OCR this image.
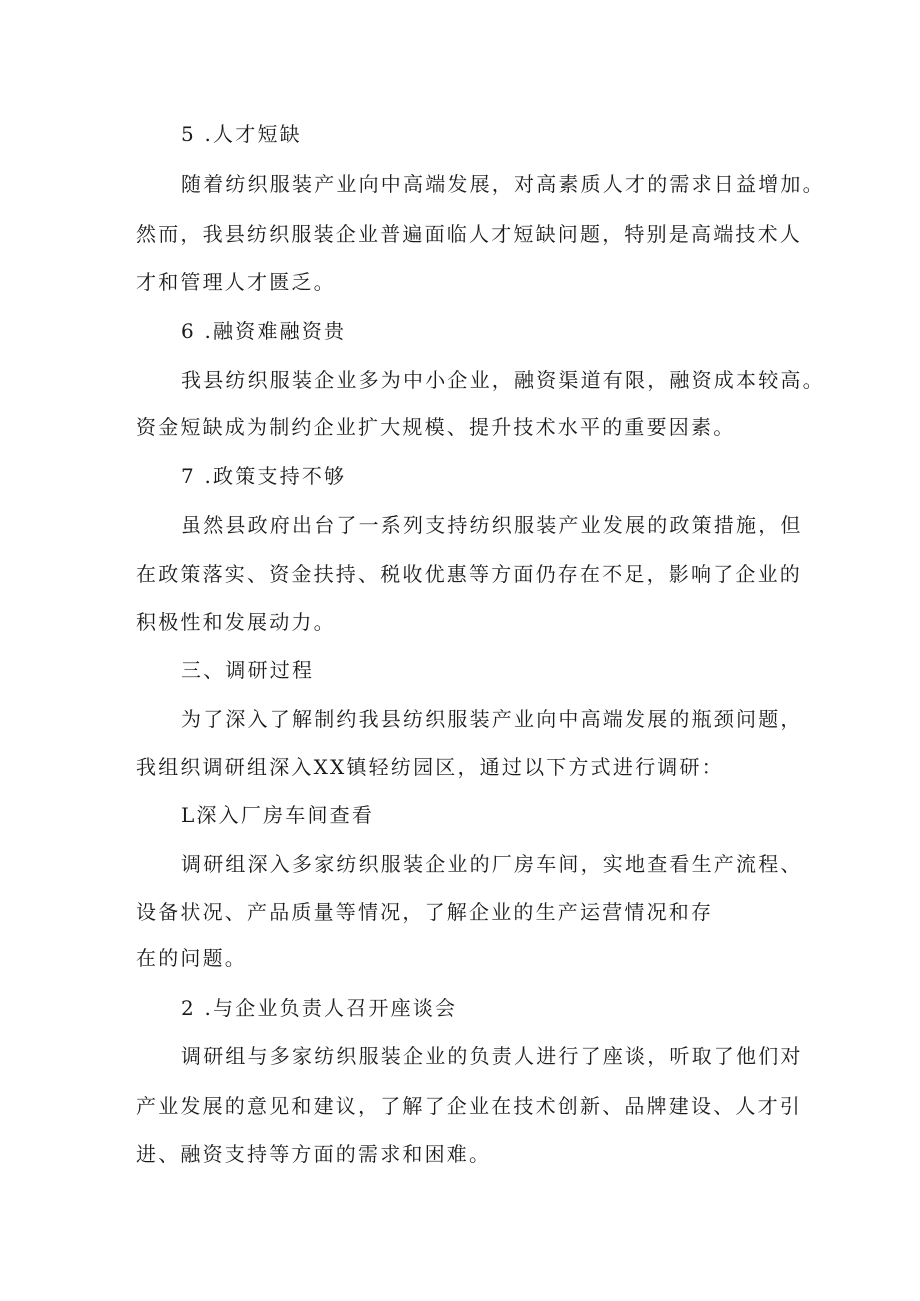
5 .人才短缺
随着纺织服装产业向中高端发展，对高素质人才的需求日益增加。
然而，我县纺织服装企业普遍面临人才短缺问题，特别是高端技术人
才和管理人才匮乏。
6 .融资难融资贵
我县纺织服装企业多为中小企业，融资渠道有限，融资成本较高。
资金短缺成为制约企业扩大规模、提升技术水平的重要因素。
7 .政策支持不够
虽然县政府出台了一系列支持纺织服装产业发展的政策措施，但
在政策落实、资金扶持、税收优惠等方面仍存在不足，影响了企业的
积极性和发展动力。
三、调研过程
为了深入了解制约我县纺织服装产业向中高端发展的瓶颈问题，
我组织调研组深入XX镇轻纺园区，通过以下方式进行调研：
L深入厂房车间查看
调研组深入多家纺织服装企业的厂房车间，实地查看生产流程、
设备状况、产品质量等情况，了解企业的生产运营情况和存
在的问题。
2 .与企业负责人召开座谈会
调研组与多家纺织服装企业的负责人进行了座谈，听取了他们对
产业发展的意见和建议，了解了企业在技术创新、品牌建设、人才引
进、融资支持等方面的需求和困难。
